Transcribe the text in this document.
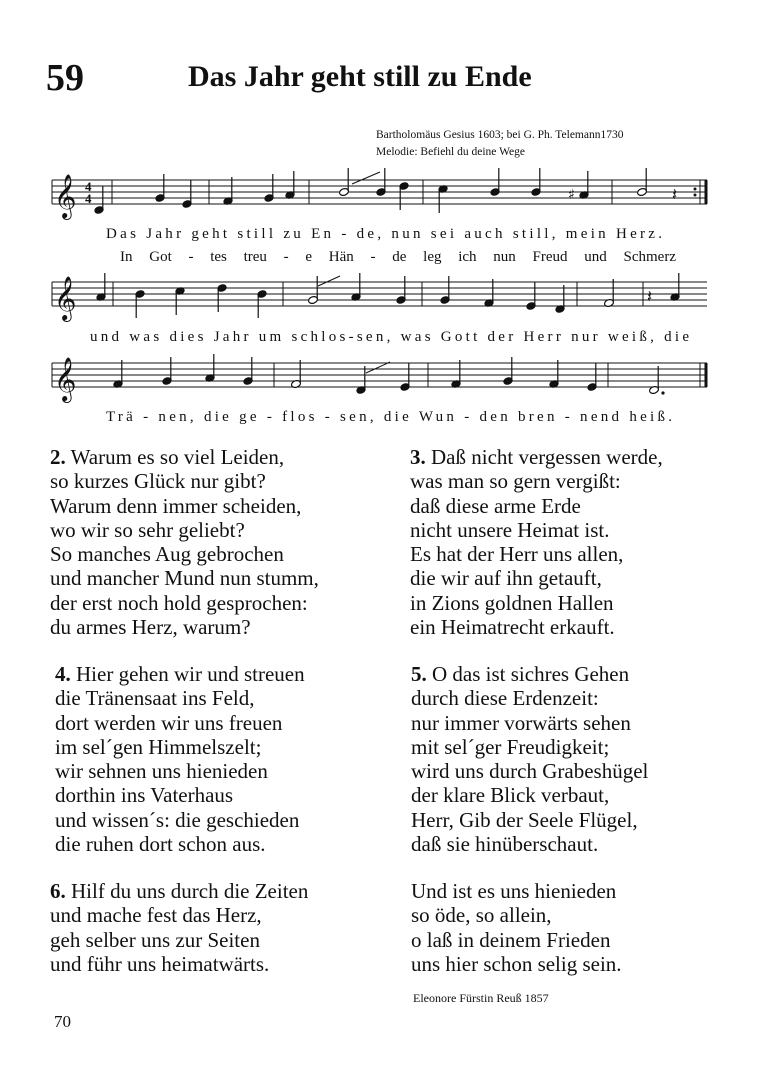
59	Das Jahr geht still zu Ende
Bartholomäus Gesius 1603; bei G. Ph. Telemann1730
Melodie: Befiehl du deine Wege
𝄞 4
4	♯	𝄽
Das Jahr geht still zu En - de, nun sei auch still, mein Herz.
In Got - tes treu - e Hän - de leg ich nun Freud und Schmerz
𝄞	𝄽
und was dies Jahr um schlos-sen, was Gott der Herr nur weiß, die
𝄞
Trä - nen, die ge - flos - sen, die Wun - den bren - nend heiß.
2. Warum es so viel Leiden,
so kurzes Glück nur gibt?
Warum denn immer scheiden,
wo wir so sehr geliebt?
So manches Aug gebrochen
und mancher Mund nun stumm,
der erst noch hold gesprochen:
du armes Herz, warum?
3. Daß nicht vergessen werde,
was man so gern vergißt:
daß diese arme Erde
nicht unsere Heimat ist.
Es hat der Herr uns allen,
die wir auf ihn getauft,
in Zions goldnen Hallen
ein Heimatrecht erkauft.
4. Hier gehen wir und streuen
die Tränensaat ins Feld,
dort werden wir uns freuen
im sel´gen Himmelszelt;
wir sehnen uns hienieden
dorthin ins Vaterhaus
und wissen´s: die geschieden
die ruhen dort schon aus.
5. O das ist sichres Gehen
durch diese Erdenzeit:
nur immer vorwärts sehen
mit sel´ger Freudigkeit;
wird uns durch Grabeshügel
der klare Blick verbaut,
Herr, Gib der Seele Flügel,
daß sie hinüberschaut.
6. Hilf du uns durch die Zeiten
und mache fest das Herz,
geh selber uns zur Seiten
und führ uns heimatwärts.
Und ist es uns hienieden
so öde, so allein,
o laß in deinem Frieden
uns hier schon selig sein.
Eleonore Fürstin Reuß 1857
70
